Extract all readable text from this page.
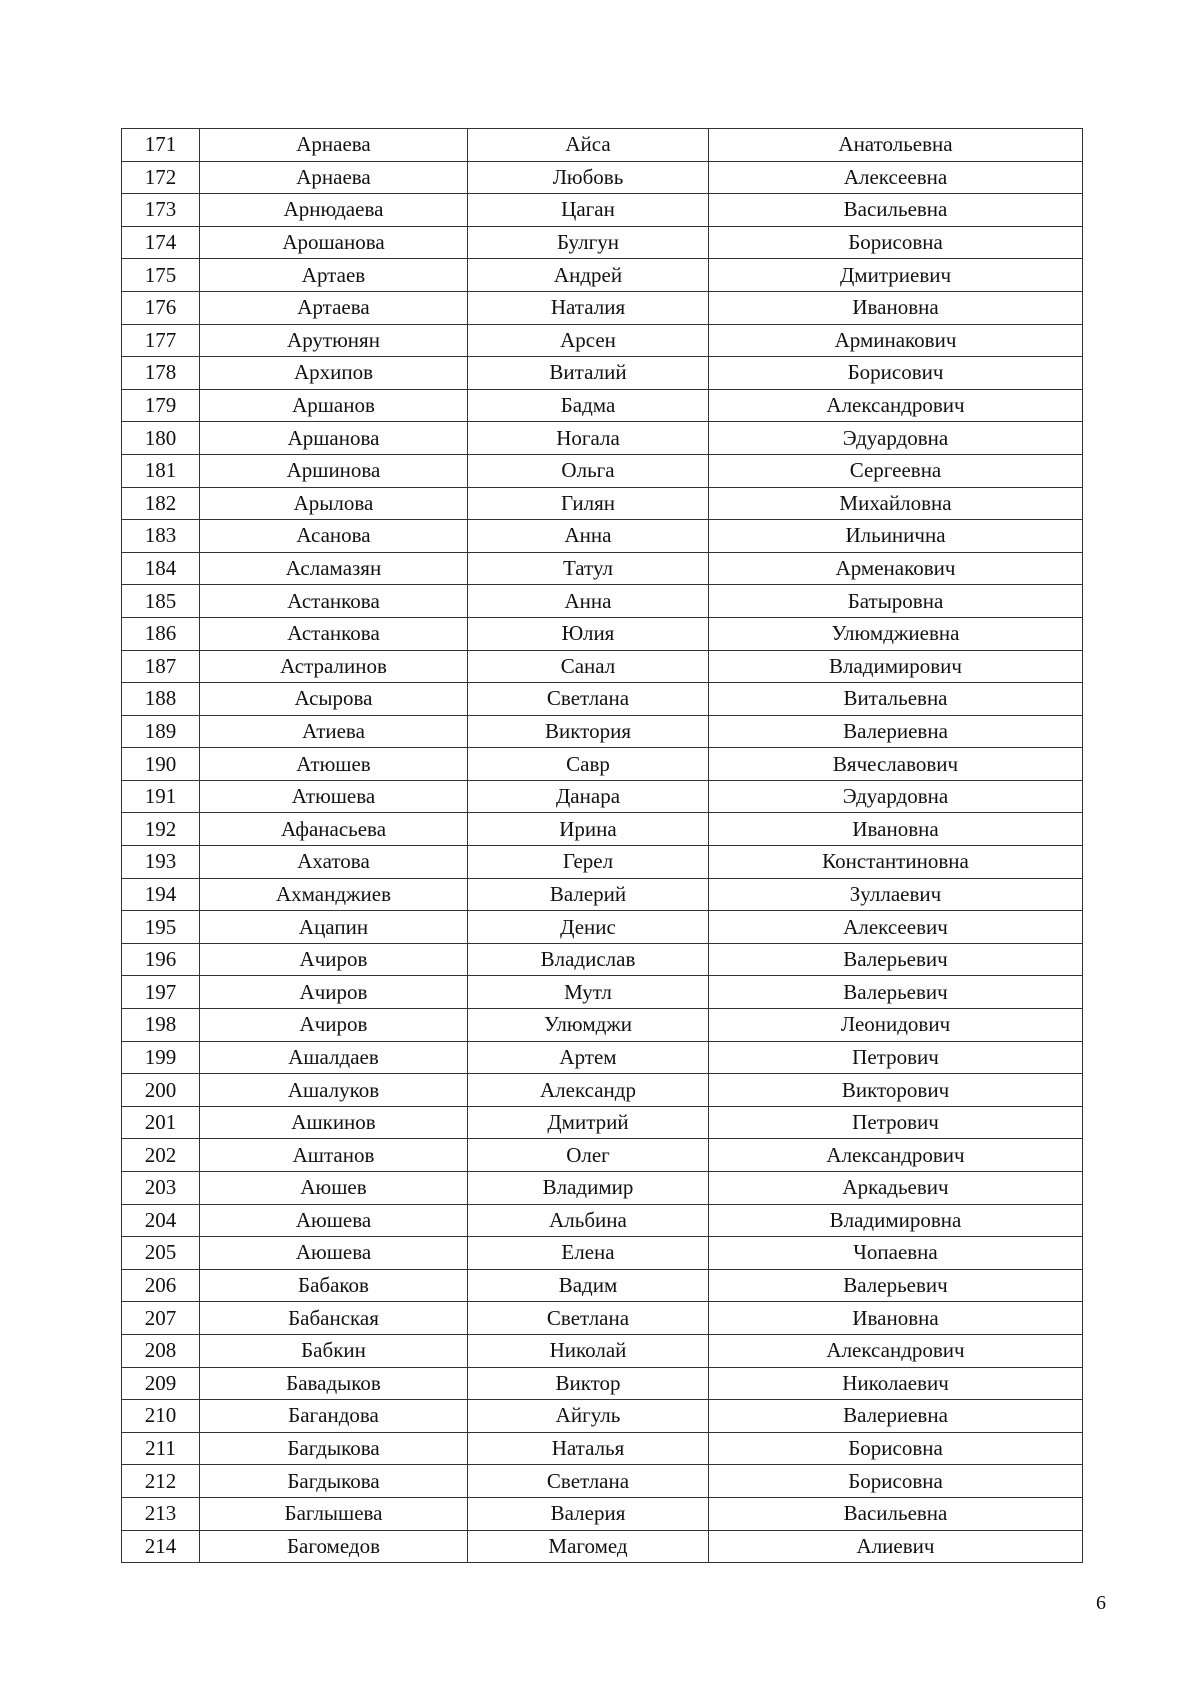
171	Арнаева	Айса	Анатольевна
172	Арнаева	Любовь	Алексеевна
173	Арнюдаева	Цаган	Васильевна
174	Арошанова	Булгун	Борисовна
175	Артаев	Андрей	Дмитриевич
176	Артаева	Наталия	Ивановна
177	Арутюнян	Арсен	Арминакович
178	Архипов	Виталий	Борисович
179	Аршанов	Бадма	Александрович
180	Аршанова	Ногала	Эдуардовна
181	Аршинова	Ольга	Сергеевна
182	Арылова	Гилян	Михайловна
183	Асанова	Анна	Ильинична
184	Асламазян	Татул	Арменакович
185	Астанкова	Анна	Батыровна
186	Астанкова	Юлия	Улюмджиевна
187	Астралинов	Санал	Владимирович
188	Асырова	Светлана	Витальевна
189	Атиева	Виктория	Валериевна
190	Атюшев	Савр	Вячеславович
191	Атюшева	Данара	Эдуардовна
192	Афанасьева	Ирина	Ивановна
193	Ахатова	Герел	Константиновна
194	Ахманджиев	Валерий	Зуллаевич
195	Ацапин	Денис	Алексеевич
196	Ачиров	Владислав	Валерьевич
197	Ачиров	Мутл	Валерьевич
198	Ачиров	Улюмджи	Леонидович
199	Ашалдаев	Артем	Петрович
200	Ашалуков	Александр	Викторович
201	Ашкинов	Дмитрий	Петрович
202	Аштанов	Олег	Александрович
203	Аюшев	Владимир	Аркадьевич
204	Аюшева	Альбина	Владимировна
205	Аюшева	Елена	Чопаевна
206	Бабаков	Вадим	Валерьевич
207	Бабанская	Светлана	Ивановна
208	Бабкин	Николай	Александрович
209	Бавадыков	Виктор	Николаевич
210	Багандова	Айгуль	Валериевна
211	Багдыкова	Наталья	Борисовна
212	Багдыкова	Светлана	Борисовна
213	Баглышева	Валерия	Васильевна
214	Багомедов	Магомед	Алиевич
6
